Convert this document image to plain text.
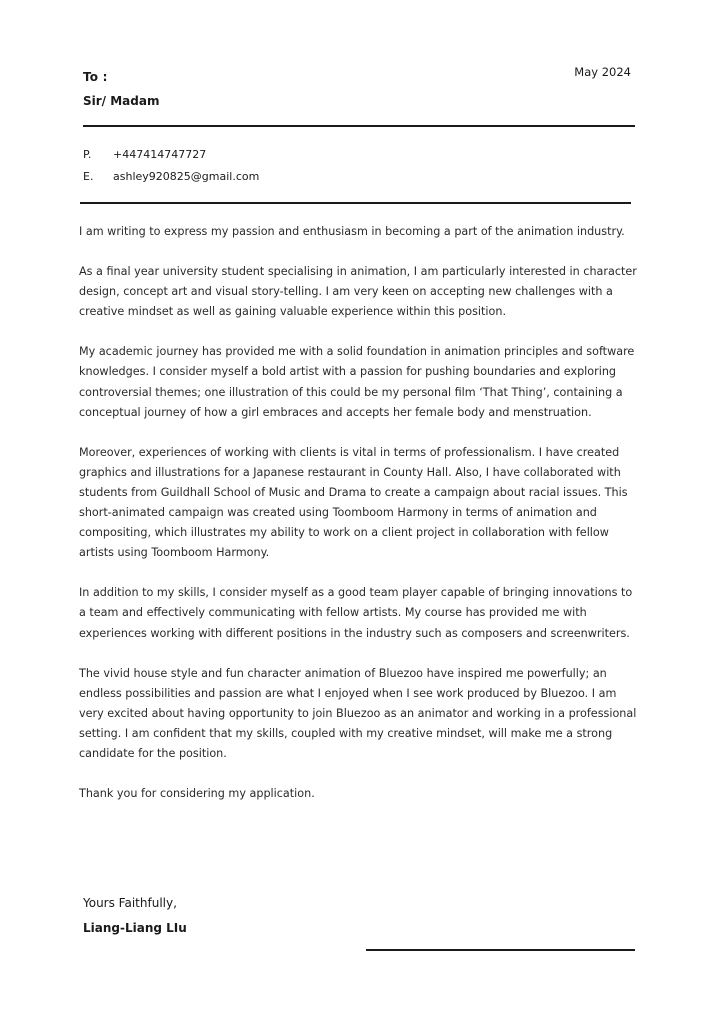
To :
Sir/ Madam
May 2024
P.	+447414747727
E.	ashley920825@gmail.com

I am writing to express my passion and enthusiasm in becoming a part of the animation industry.

As a final year university student specialising in animation, I am particularly interested in character design, concept art and visual story-telling. I am very keen on accepting new challenges with a creative mindset as well as gaining valuable experience within this position.

My academic journey has provided me with a solid foundation in animation principles and software knowledges. I consider myself a bold artist with a passion for pushing boundaries and exploring controversial themes; one illustration of this could be my personal film ‘That Thing’, containing a conceptual journey of how a girl embraces and accepts her female body and menstruation.

Moreover, experiences of working with clients is vital in terms of professionalism. I have created graphics and illustrations for a Japanese restaurant in County Hall. Also, I have collaborated with students from Guildhall School of Music and Drama to create a campaign about racial issues. This short-animated campaign was created using Toomboom Harmony in terms of animation and compositing, which illustrates my ability to work on a client project in collaboration with fellow artists using Toomboom Harmony.

In addition to my skills, I consider myself as a good team player capable of bringing innovations to a team and effectively communicating with fellow artists. My course has provided me with experiences working with different positions in the industry such as composers and screenwriters.

The vivid house style and fun character animation of Bluezoo have inspired me powerfully; an endless possibilities and passion are what I enjoyed when I see work produced by Bluezoo. I am very excited about having opportunity to join Bluezoo as an animator and working in a professional setting. I am confident that my skills, coupled with my creative mindset, will make me a strong candidate for the position.

Thank you for considering my application.

Yours Faithfully,
Liang-Liang LIu
